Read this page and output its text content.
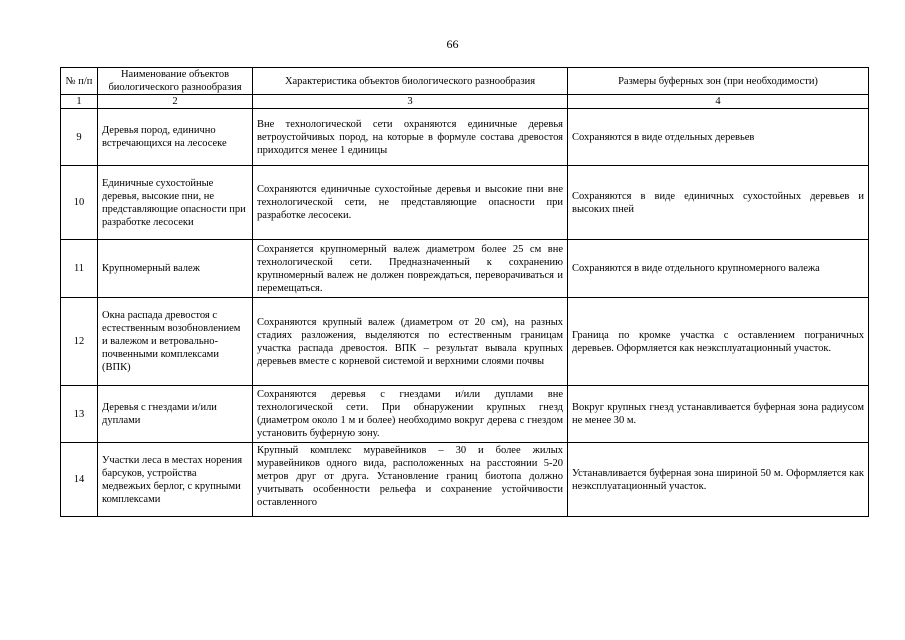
66
№ п/п	Наименование объектов биологического разнообразия	Характеристика объектов биологического разнообразия	Размеры буферных зон (при необходимости)
1	2	3	4
9	Деревья пород, единично встречающихся на лесосеке	Вне технологической сети охраняются единичные деревья ветроустойчивых пород, на которые в формуле состава древостоя приходится менее 1 единицы	Сохраняются в виде отдельных деревьев
10	Единичные сухостойные деревья, высокие пни, не представляющие опасности при разработке лесосеки	Сохраняются единичные сухостойные деревья и высокие пни вне технологической сети, не представляющие опасности при разработке лесосеки.	Сохраняются в виде единичных сухостойных деревьев и высоких пней
11	Крупномерный валеж	Сохраняется крупномерный валеж диаметром более 25 см вне технологической сети. Предназначенный к сохранению крупномерный валеж не должен повреждаться, переворачиваться и перемещаться.	Сохраняются в виде отдельного крупномерного валежа
12	Окна распада древостоя с естественным возобновлением и валежом и ветровально-почвенными комплексами (ВПК)	Сохраняются крупный валеж (диаметром от 20 см), на разных стадиях разложения, выделяются по естественным границам участка распада древостоя. ВПК – результат вывала крупных деревьев вместе с корневой системой и верхними слоями почвы	Граница по кромке участка с оставлением пограничных деревьев. Оформляется как неэксплуатационный участок.
13	Деревья с гнездами и/или дуплами	Сохраняются деревья с гнездами и/или дуплами вне технологической сети. При обнаружении крупных гнезд (диаметром около 1 м и более) необходимо вокруг дерева с гнездом установить буферную зону.	Вокруг крупных гнезд устанавливается буферная зона радиусом не менее 30 м.
14	Участки леса в местах норения барсуков, устройства медвежьих берлог, с крупными комплексами	Крупный комплекс муравейников – 30 и более жилых муравейников одного вида, расположенных на расстоянии 5-20 метров друг от друга. Установление границ биотопа должно учитывать особенности рельефа и сохранение устойчивости оставленного	Устанавливается буферная зона шириной 50 м. Оформляется как неэксплуатационный участок.
